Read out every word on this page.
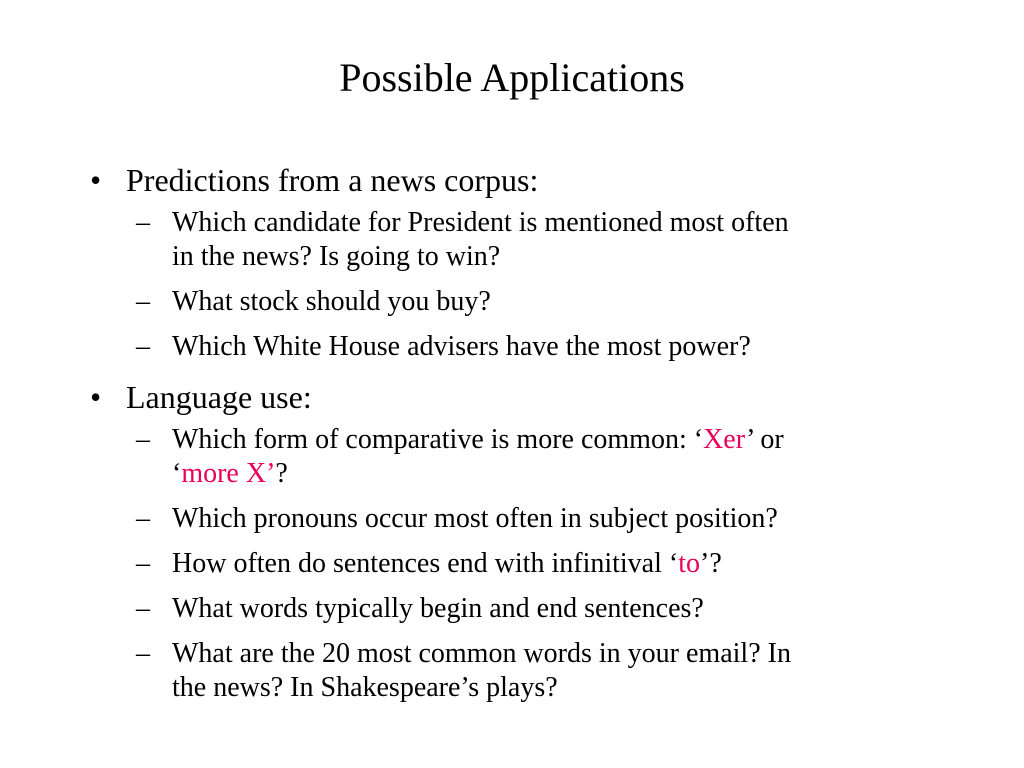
Possible Applications
• Predictions from a news corpus:
– Which candidate for President is mentioned most often
in the news? Is going to win?
– What stock should you buy?
– Which White House advisers have the most power?
• Language use:
– Which form of comparative is more common: ‘Xer’ or
‘more X’?
– Which pronouns occur most often in subject position?
– How often do sentences end with infinitival ‘to’?
– What words typically begin and end sentences?
– What are the 20 most common words in your email? In
the news? In Shakespeare’s plays?
